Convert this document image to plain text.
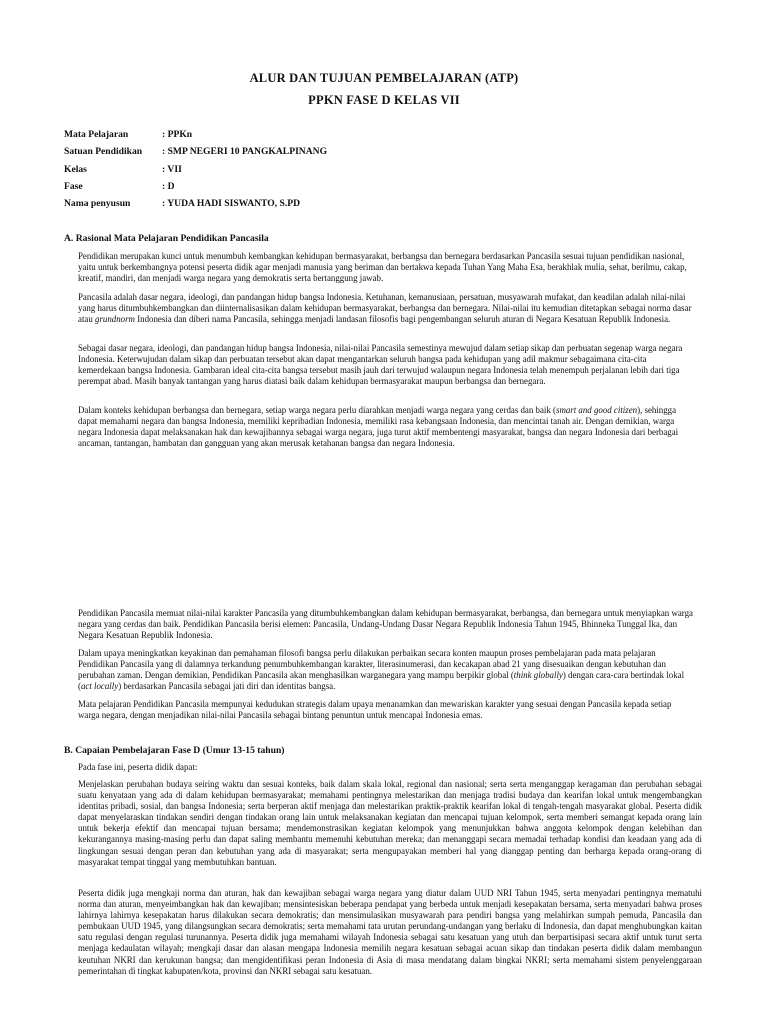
ALUR DAN TUJUAN PEMBELAJARAN (ATP)
PPKN FASE D KELAS VII
Mata Pelajaran	: PPKn
Satuan Pendidikan	: SMP NEGERI 10 PANGKALPINANG
Kelas	: VII
Fase	: D
Nama penyusun	: YUDA HADI SISWANTO, S.PD
A. Rasional Mata Pelajaran Pendidikan Pancasila
Pendidikan merupakan kunci untuk menumbuh kembangkan kehidupan bermasyarakat, berbangsa dan bernegara berdasarkan Pancasila sesuai tujuan pendidikan nasional, yaitu untuk berkembangnya potensi peserta didik agar menjadi manusia yang beriman dan bertakwa kepada Tuhan Yang Maha Esa, berakhlak mulia, sehat, berilmu, cakap, kreatif, mandiri, dan menjadi warga negara yang demokratis serta bertanggung jawab.
Pancasila adalah dasar negara, ideologi, dan pandangan hidup bangsa Indonesia. Ketuhanan, kemanusiaan, persatuan, musyawarah mufakat, dan keadilan adalah nilai-nilai yang harus ditumbuhkembangkan dan diinternalisasikan dalam kehidupan bermasyarakat, berbangsa dan bernegara. Nilai-nilai itu kemudian ditetapkan sebagai norma dasar atau grundnorm Indonesia dan diberi nama Pancasila, sehingga menjadi landasan filosofis bagi pengembangan seluruh aturan di Negara Kesatuan Republik Indonesia.
Sebagai dasar negara, ideologi, dan pandangan hidup bangsa Indonesia, nilai-nilai Pancasila semestinya mewujud dalam setiap sikap dan perbuatan segenap warga negara Indonesia. Keterwujudan dalam sikap dan perbuatan tersebut akan dapat mengantarkan seluruh bangsa pada kehidupan yang adil makmur sebagaimana cita-cita kemerdekaan bangsa Indonesia. Gambaran ideal cita-cita bangsa tersebut masih jauh dari terwujud walaupun negara Indonesia telah menempuh perjalanan lebih dari tiga perempat abad. Masih banyak tantangan yang harus diatasi baik dalam kehidupan bermasyarakat maupun berbangsa dan bernegara.
Dalam konteks kehidupan berbangsa dan bernegara, setiap warga negara perlu diarahkan menjadi warga negara yang cerdas dan baik (smart and good citizen), sehingga dapat memahami negara dan bangsa Indonesia, memiliki kepribadian Indonesia, memiliki rasa kebangsaan Indonesia, dan mencintai tanah air. Dengan demikian, warga negara Indonesia dapat melaksanakan hak dan kewajibannya sebagai warga negara, juga turut aktif membentengi masyarakat, bangsa dan negara Indonesia dari berbagai ancaman, tantangan, hambatan dan gangguan yang akan merusak ketahanan bangsa dan negara Indonesia.
Pendidikan Pancasila memuat nilai-nilai karakter Pancasila yang ditumbuhkembangkan dalam kehidupan bermasyarakat, berbangsa, dan bernegara untuk menyiapkan warga negara yang cerdas dan baik. Pendidikan Pancasila berisi elemen: Pancasila, Undang-Undang Dasar Negara Republik Indonesia Tahun 1945, Bhinneka Tunggal Ika, dan Negara Kesatuan Republik Indonesia.
Dalam upaya meningkatkan keyakinan dan pemahaman filosofi bangsa perlu dilakukan perbaikan secara konten maupun proses pembelajaran pada mata pelajaran Pendidikan Pancasila yang di dalamnya terkandung penumbuhkembangan karakter, literasinumerasi, dan kecakapan abad 21 yang disesuaikan dengan kebutuhan dan perubahan zaman. Dengan demikian, Pendidikan Pancasila akan menghasilkan warganegara yang mampu berpikir global (think globally) dengan cara-cara bertindak lokal (act locally) berdasarkan Pancasila sebagai jati diri dan identitas bangsa.
Mata pelajaran Pendidikan Pancasila mempunyai kedudukan strategis dalam upaya menanamkan dan mewariskan karakter yang sesuai dengan Pancasila kepada setiap warga negara, dengan menjadikan nilai-nilai Pancasila sebagai bintang penuntun untuk mencapai Indonesia emas.
B. Capaian Pembelajaran Fase D (Umur 13-15 tahun)
Pada fase ini, peserta didik dapat:
Menjelaskan perubahan budaya seiring waktu dan sesuai konteks, baik dalam skala lokal, regional dan nasional; serta serta menganggap keragaman dan perubahan sebagai suatu kenyataan yang ada di dalam kehidupan bermasyarakat; memahami pentingnya melestarikan dan menjaga tradisi budaya dan kearifan lokal untuk mengembangkan identitas pribadi, sosial, dan bangsa Indonesia; serta berperan aktif menjaga dan melestarikan praktik-praktik kearifan lokal di tengah-tengah masyarakat global. Peserta didik dapat menyelaraskan tindakan sendiri dengan tindakan orang lain untuk melaksanakan kegiatan dan mencapai tujuan kelompok, serta memberi semangat kepada orang lain untuk bekerja efektif dan mencapai tujuan bersama; mendemonstrasikan kegiatan kelompok yang menunjukkan bahwa anggota kelompok dengan kelebihan dan kekurangannya masing-masing perlu dan dapat saling membantu memenuhi kebutuhan mereka; dan menanggapi secara memadai terhadap kondisi dan keadaan yang ada di lingkungan sesuai dengan peran dan kebutuhan yang ada di masyarakat; serta mengupayakan memberi hal yang dianggap penting dan berharga kepada orang-orang di masyarakat tempat tinggal yang membutuhkan bantuan.
Peserta didik juga mengkaji norma dan aturan, hak dan kewajiban sebagai warga negara yang diatur dalam UUD NRI Tahun 1945, serta menyadari pentingnya mematuhi norma dan aturan, menyeimbangkan hak dan kewajiban; mensintesiskan beberapa pendapat yang berbeda untuk menjadi kesepakatan bersama, serta menyadari bahwa proses lahirnya lahirnya kesepakatan harus dilakukan secara demokratis; dan mensimulasikan musyawarah para pendiri bangsa yang melahirkan sumpah pemuda, Pancasila dan pembukaan UUD 1945, yang dilangsungkan secara demokratis; serta memahami tata urutan perundang-undangan yang berlaku di Indonesia, dan dapat menghubungkan kaitan satu regulasi dengan regulasi turunannya. Peserta didik juga memahami wilayah Indonesia sebagai satu kesatuan yang utuh dan berpartisipasi secara aktif untuk turut serta menjaga kedaulatan wilayah; mengkaji dasar dan alasan mengapa Indonesia memilih negara kesatuan sebagai acuan sikap dan tindakan peserta didik dalam membangun keutuhan NKRI dan kerukunan bangsa; dan mengidentifikasi peran Indonesia di Asia di masa mendatang dalam bingkai NKRI; serta memahami sistem penyelenggaraan pemerintahan di tingkat kabupaten/kota, provinsi dan NKRI sebagai satu kesatuan.
